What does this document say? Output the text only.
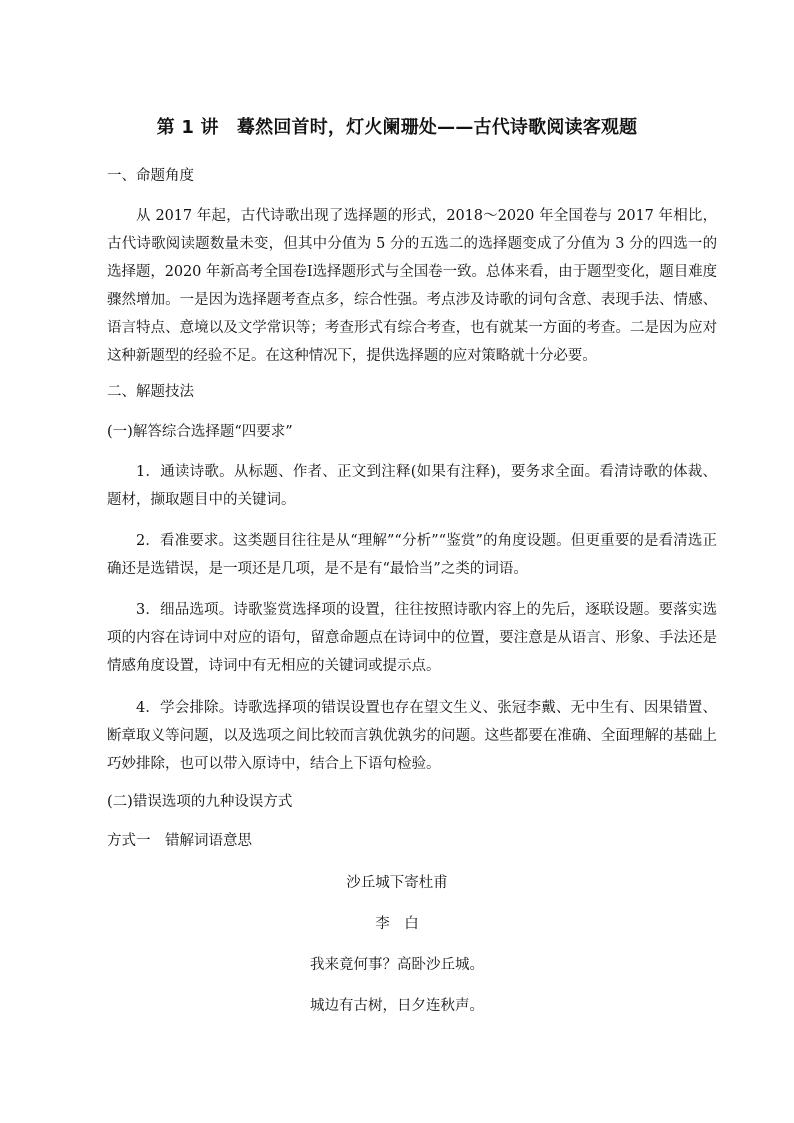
第 1 讲　蓦然回首时，灯火阑珊处——古代诗歌阅读客观题
一、命题角度
从 2017 年起，古代诗歌出现了选择题的形式，2018～2020 年全国卷与 2017 年相比，古代诗歌阅读题数量未变，但其中分值为 5 分的五选二的选择题变成了分值为 3 分的四选一的选择题，2020 年新高考全国卷Ⅰ选择题形式与全国卷一致。总体来看，由于题型变化，题目难度骤然增加。一是因为选择题考查点多，综合性强。考点涉及诗歌的词句含意、表现手法、情感、语言特点、意境以及文学常识等；考查形式有综合考查，也有就某一方面的考查。二是因为应对这种新题型的经验不足。在这种情况下，提供选择题的应对策略就十分必要。
二、解题技法
(一)解答综合选择题“四要求”
1．通读诗歌。从标题、作者、正文到注释(如果有注释)，要务求全面。看清诗歌的体裁、题材，撷取题目中的关键词。
2．看准要求。这类题目往往是从“理解”“分析”“鉴赏”的角度设题。但更重要的是看清选正确还是选错误，是一项还是几项，是不是有“最恰当”之类的词语。
3．细品选项。诗歌鉴赏选择项的设置，往往按照诗歌内容上的先后，逐联设题。要落实选项的内容在诗词中对应的语句，留意命题点在诗词中的位置，要注意是从语言、形象、手法还是情感角度设置，诗词中有无相应的关键词或提示点。
4．学会排除。诗歌选择项的错误设置也存在望文生义、张冠李戴、无中生有、因果错置、断章取义等问题，以及选项之间比较而言孰优孰劣的问题。这些都要在准确、全面理解的基础上巧妙排除，也可以带入原诗中，结合上下语句检验。
(二)错误选项的九种设误方式
方式一　错解词语意思
沙丘城下寄杜甫
李　白
我来竟何事？高卧沙丘城。
城边有古树，日夕连秋声。
